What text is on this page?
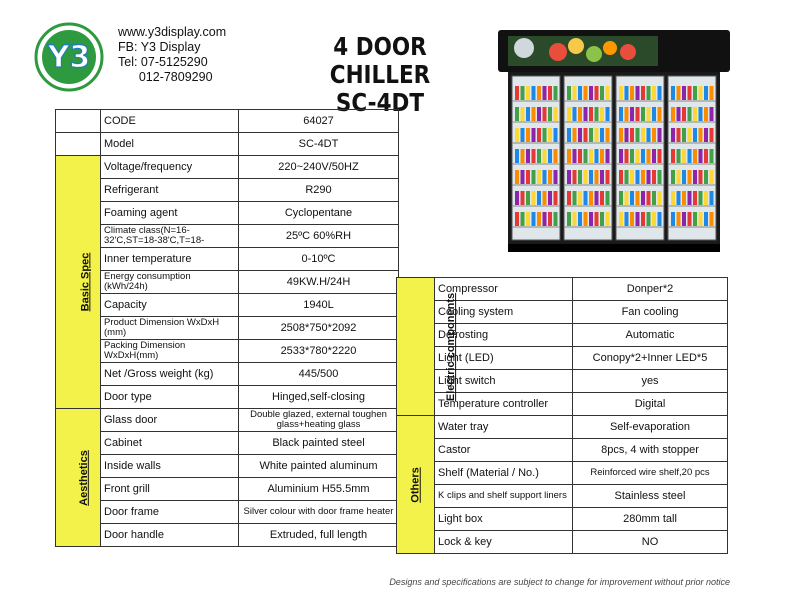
Y3
www.y3display.com
FB: Y3 Display
Tel: 07-5125290
012-7809290
4 DOOR CHILLER
SC-4DT
	CODE	64027
	Model	SC-4DT
Basic Spec	Voltage/frequency	220~240V/50HZ
	Refrigerant	R290
	Foaming agent	Cyclopentane
	Climate class(N=16-32'C,ST=18-38'C,T=18-	25ºC 60%RH
	Inner temperature	0-10ºC
	Energy consumption (kWh/24h)	49KW.H/24H
	Capacity	1940L
	Product Dimension WxDxH (mm)	2508*750*2092
	Packing Dimension WxDxH(mm)	2533*780*2220
	Net /Gross weight (kg)	445/500
	Door type	Hinged,self-closing
Aesthetics	Glass door	Double glazed, external toughen glass+heating glass
	Cabinet	Black painted steel
	Inside walls	White painted aluminum
	Front grill	Aluminium H55.5mm
	Door frame	Silver colour with door frame heater
	Door handle	Extruded, full length
Electric components	Compressor	Donper*2
	Cooling system	Fan cooling
	Defrosting	Automatic
	Light (LED)	Conopy*2+Inner LED*5
	Light switch	yes
	Temperature controller	Digital
Others	Water tray	Self-evaporation
	Castor	8pcs, 4 with stopper
	Shelf (Material / No.)	Reinforced wire shelf,20 pcs
	K clips and shelf support liners	Stainless steel
	Light box	280mm tall
	Lock & key	NO
Designs and specifications are subject to change for improvement without prior notice
